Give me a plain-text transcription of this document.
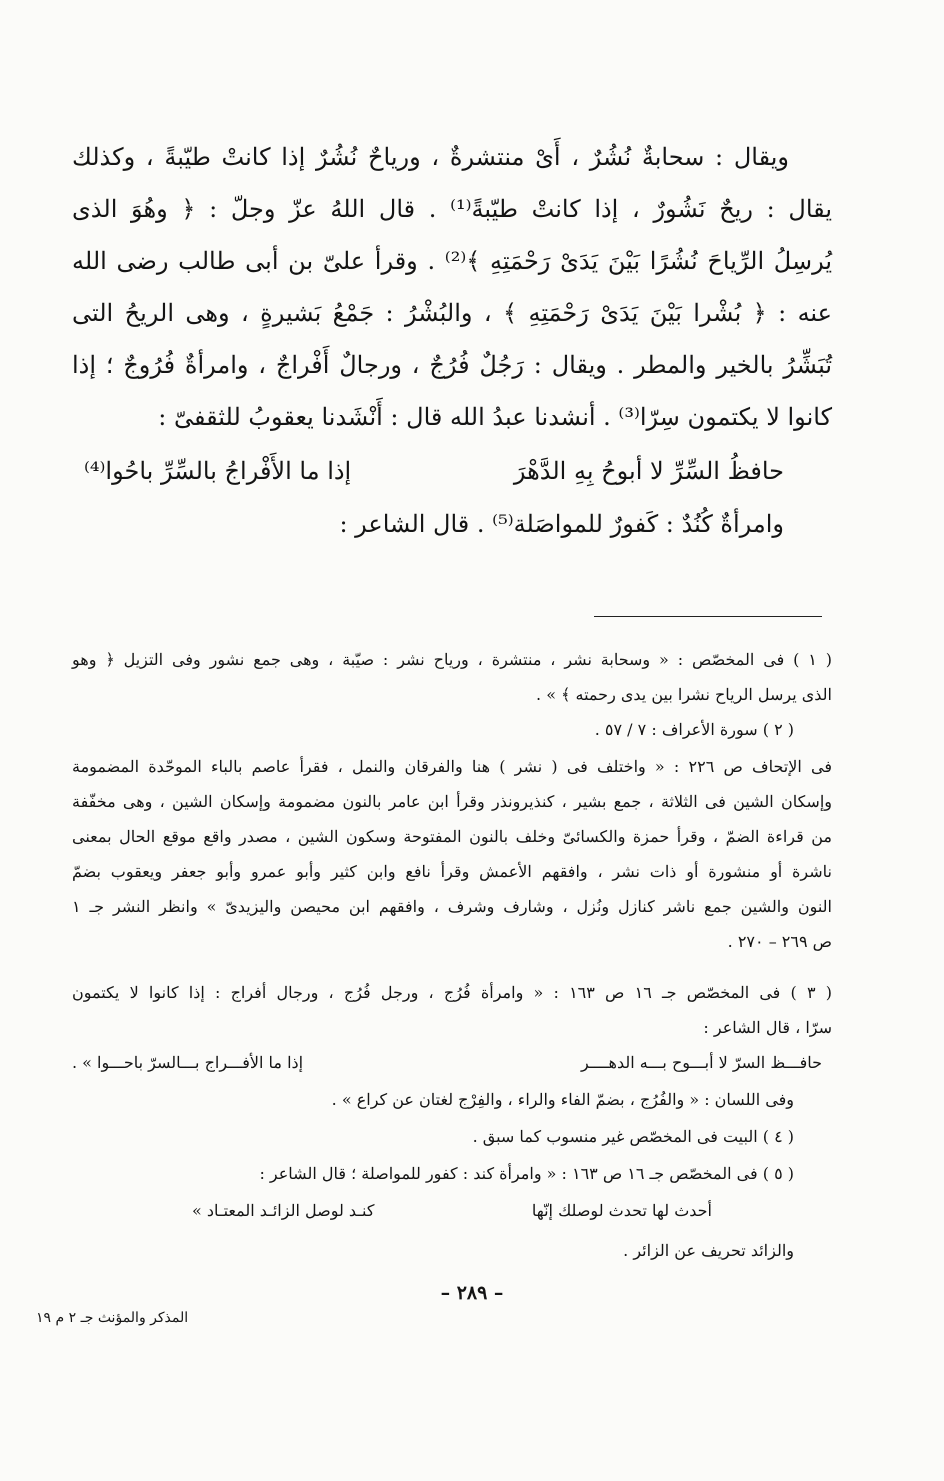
ويقال : سحابةٌ نُشُرٌ ، أَىْ منتشرةٌ ، ورياحٌ نُشُرٌ إذا كانتْ طيّبةً ، وكذلك
يقال : ريحٌ نَشُورٌ ، إذا كانتْ طيّبةً⁽¹⁾ . قال اللهُ عزّ وجلّ : ﴿ وهُوَ الذى
يُرسِلُ الرِّياحَ نُشُرًا بَيْنَ يَدَىْ رَحْمَتِهِ ﴾⁽²⁾ . وقرأ علىّ بن أبى طالب رضى الله
عنه : ﴿ بُشْرا بَيْنَ يَدَىْ رَحْمَتِهِ ﴾ ، والبُشْرُ : جَمْعُ بَشيرةٍ ، وهى الريحُ التى
تُبَشِّرُ بالخير والمطر . ويقال : رَجُلٌ فُرُجٌ ، ورجالٌ أَفْراجٌ ، وامرأةٌ فُرُوجٌ ؛ إذا
كانوا لا يكتمون سِرّا⁽³⁾ . أنشدنا عبدُ الله قال : أَنْشَدنا يعقوبُ للثقفىّ :
حافظُ السِّرِّ لا أبوحُ بِهِ الدَّهْرَ
إذا ما الأَفْراجُ بالسِّرِّ باحُوا⁽⁴⁾
وامرأةٌ كُنُدٌ : كَفورٌ للمواصَلة⁽⁵⁾ . قال الشاعر :
( ١ ) فى المخصّص : « وسحابة نشر ، منتشرة ، ورياح نشر : صيّبة ، وهى جمع نشور وفى التزيل ﴿ وهو
الذى يرسل الرياح نشرا بين يدى رحمته ﴾ » .
( ٢ ) سورة الأعراف : ٧ / ٥٧ .
فى الإتحاف ص ٢٢٦ : « واختلف فى ( نشر ) هنا والفرقان والنمل ، فقرأ عاصم بالباء الموحّدة المضمومة
وإسكان الشين فى الثلاثة ، جمع بشير ، كنذيرونذر وقرأ ابن عامر بالنون مضمومة وإسكان الشين ، وهى مخفّفة
من قراءة الضمّ ، وقرأ حمزة والكسائىّ وخلف بالنون المفتوحة وسكون الشين ، مصدر واقع موقع الحال بمعنى
ناشرة أو منشورة أو ذات نشر ، وافقهم الأعمش وقرأ نافع وابن كثير وأبو عمرو وأبو جعفر ويعقوب بضمّ
النون والشين جمع ناشر كنازل ونُزل ، وشارف وشرف ، وافقهم ابن محيصن واليزيدىّ » وانظر النشر جـ ١
ص ٢٦٩ – ٢٧٠ .
( ٣ ) فى المخصّص جـ ١٦ ص ١٦٣ : « وامرأة فُرُج ، ورجل فُرُج ، ورجال أفراج : إذا كانوا لا يكتمون
سرّا ، قال الشاعر :
حافـــظ السرّ لا أبـــوح بـــه الدهــــر
إذا ما الأفـــراج بـــالسرّ باحـــوا » .
وفى اللسان : « والفُرُج ، بضمّ الفاء والراء ، والفِرْج لغتان عن كراع » .
( ٤ ) البيت فى المخصّص غير منسوب كما سبق .
( ٥ ) فى المخصّص جـ ١٦ ص ١٦٣ : « وامرأة كند : كفور للمواصلة ؛ قال الشاعر :
أحدث لها تحدث لوصلك إنّها
كنـد لوصل الزائـد المعتـاد »
والزائد تحريف عن الزائر .
– ٢٨٩ –
المذكر والمؤنث جـ ٢ م ١٩
